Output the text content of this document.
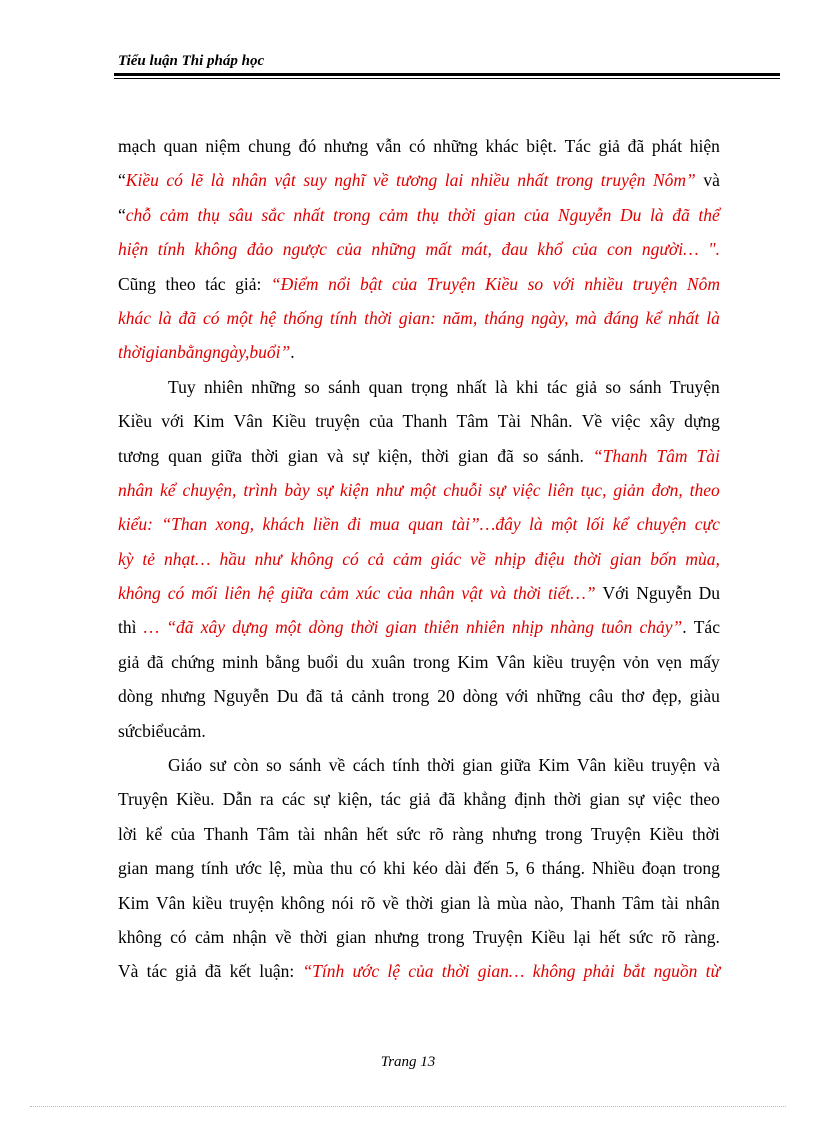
Tiểu luận Thi pháp học
mạch quan niệm chung đó nhưng vẫn có những khác biệt. Tác giả đã phát hiện
“Kiều có lẽ là nhân vật suy nghĩ về tương lai nhiều nhất trong truyện Nôm” và
“chỗ cảm thụ sâu sắc nhất trong cảm thụ thời gian của Nguyễn Du là đã thể
hiện tính không đảo ngược của những mất mát, đau khổ của con người… ".
Cũng theo tác giả: “Điểm nổi bật của Truyện Kiều so với nhiều truyện Nôm
khác là đã có một hệ thống tính thời gian: năm, tháng ngày, mà đáng kể nhất là
thời gian bằng ngày, buổi”.
Tuy nhiên những so sánh quan trọng nhất là khi tác giả so sánh Truyện
Kiều với Kim Vân Kiều truyện của Thanh Tâm Tài Nhân. Về việc xây dựng
tương quan giữa thời gian và sự kiện, thời gian đã so sánh. “Thanh Tâm Tài
nhân kể chuyện, trình bày sự kiện như một chuỗi sự việc liên tục, giản đơn, theo
kiểu: “Than xong, khách liền đi mua quan tài”…đây là một lối kể chuyện cực
kỳ tẻ nhạt… hầu như không có cả cảm giác về nhịp điệu thời gian bốn mùa,
không có mối liên hệ giữa cảm xúc của nhân vật và thời tiết…” Với Nguyễn Du
thì … “đã xây dựng một dòng thời gian thiên nhiên nhịp nhàng tuôn chảy”. Tác
giả đã chứng minh bằng buổi du xuân trong Kim Vân kiều truyện vỏn vẹn mấy
dòng nhưng Nguyễn Du đã tả cảnh trong 20 dòng với những câu thơ đẹp, giàu
sức biểu cảm.
Giáo sư còn so sánh về cách tính thời gian giữa Kim Vân kiều truyện và
Truyện Kiều. Dẫn ra các sự kiện, tác giả đã khẳng định thời gian sự việc theo
lời kể của Thanh Tâm tài nhân hết sức rõ ràng nhưng trong Truyện Kiều thời
gian mang tính ước lệ, mùa thu có khi kéo dài đến 5, 6 tháng. Nhiều đoạn trong
Kim Vân kiều truyện không nói rõ về thời gian là mùa nào, Thanh Tâm tài nhân
không có cảm nhận về thời gian nhưng trong Truyện Kiều lại hết sức rõ ràng.
Và tác giả đã kết luận: “Tính ước lệ của thời gian… không phải bắt nguồn từ
Trang 13
